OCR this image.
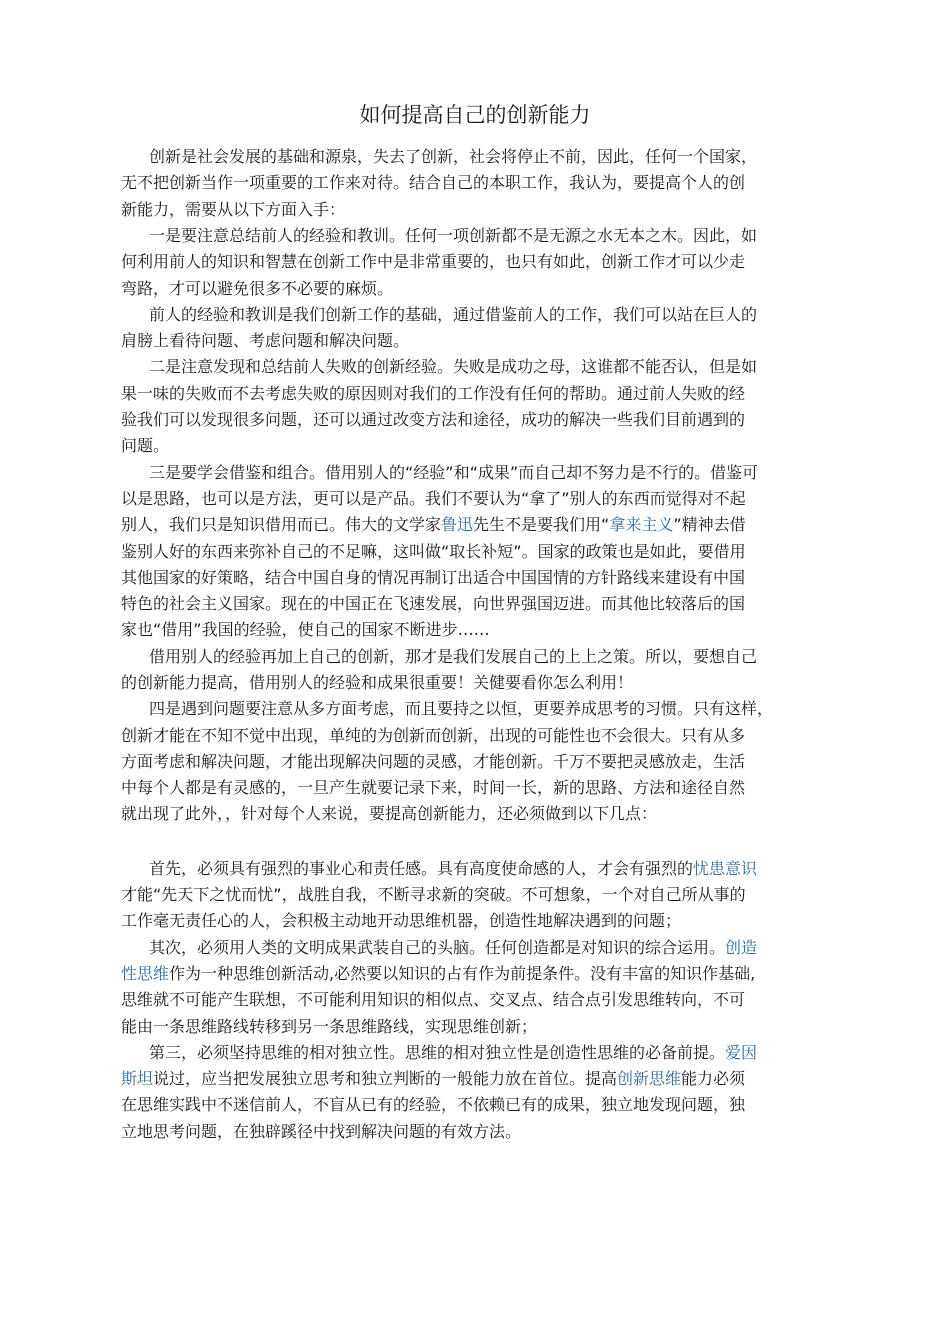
如何提高自己的创新能力
创新是社会发展的基础和源泉，失去了创新，社会将停止不前，因此，任何一个国家，
无不把创新当作一项重要的工作来对待。结合自己的本职工作，我认为，要提高个人的创
新能力，需要从以下方面入手：
一是要注意总结前人的经验和教训。任何一项创新都不是无源之水无本之木。因此，如
何利用前人的知识和智慧在创新工作中是非常重要的，也只有如此，创新工作才可以少走
弯路，才可以避免很多不必要的麻烦。
前人的经验和教训是我们创新工作的基础，通过借鉴前人的工作，我们可以站在巨人的
肩膀上看待问题、考虑问题和解决问题。
二是注意发现和总结前人失败的创新经验。失败是成功之母，这谁都不能否认，但是如
果一味的失败而不去考虑失败的原因则对我们的工作没有任何的帮助。通过前人失败的经
验我们可以发现很多问题，还可以通过改变方法和途径，成功的解决一些我们目前遇到的
问题。
三是要学会借鉴和组合。借用别人的“经验”和“成果”而自己却不努力是不行的。借鉴可
以是思路，也可以是方法，更可以是产品。我们不要认为“拿了”别人的东西而觉得对不起
别人，我们只是知识借用而已。伟大的文学家鲁迅先生不是要我们用“拿来主义”精神去借
鉴别人好的东西来弥补自己的不足嘛，这叫做“取长补短”。国家的政策也是如此，要借用
其他国家的好策略，结合中国自身的情况再制订出适合中国国情的方针路线来建设有中国
特色的社会主义国家。现在的中国正在飞速发展，向世界强国迈进。而其他比较落后的国
家也“借用”我国的经验，使自己的国家不断进步……
借用别人的经验再加上自己的创新，那才是我们发展自己的上上之策。所以，要想自己
的创新能力提高，借用别人的经验和成果很重要！关健要看你怎么利用！
四是遇到问题要注意从多方面考虑，而且要持之以恒，更要养成思考的习惯。只有这样，
创新才能在不知不觉中出现，单纯的为创新而创新，出现的可能性也不会很大。只有从多
方面考虑和解决问题，才能出现解决问题的灵感，才能创新。千万不要把灵感放走，生活
中每个人都是有灵感的，一旦产生就要记录下来，时间一长，新的思路、方法和途径自然
就出现了此外，，针对每个人来说，要提高创新能力，还必须做到以下几点：
首先，必须具有强烈的事业心和责任感。具有高度使命感的人，才会有强烈的忧患意识
才能“先天下之忧而忧”，战胜自我，不断寻求新的突破。不可想象，一个对自己所从事的
工作毫无责任心的人，会积极主动地开动思维机器，创造性地解决遇到的问题；
其次，必须用人类的文明成果武装自己的头脑。任何创造都是对知识的综合运用。创造
性思维作为一种思维创新活动,必然要以知识的占有作为前提条件。没有丰富的知识作基础,
思维就不可能产生联想，不可能利用知识的相似点、交叉点、结合点引发思维转向，不可
能由一条思维路线转移到另一条思维路线，实现思维创新；
第三，必须坚持思维的相对独立性。思维的相对独立性是创造性思维的必备前提。爱因
斯坦说过，应当把发展独立思考和独立判断的一般能力放在首位。提高创新思维能力必须
在思维实践中不迷信前人，不盲从已有的经验，不依赖已有的成果，独立地发现问题，独
立地思考问题，在独辟蹊径中找到解决问题的有效方法。
